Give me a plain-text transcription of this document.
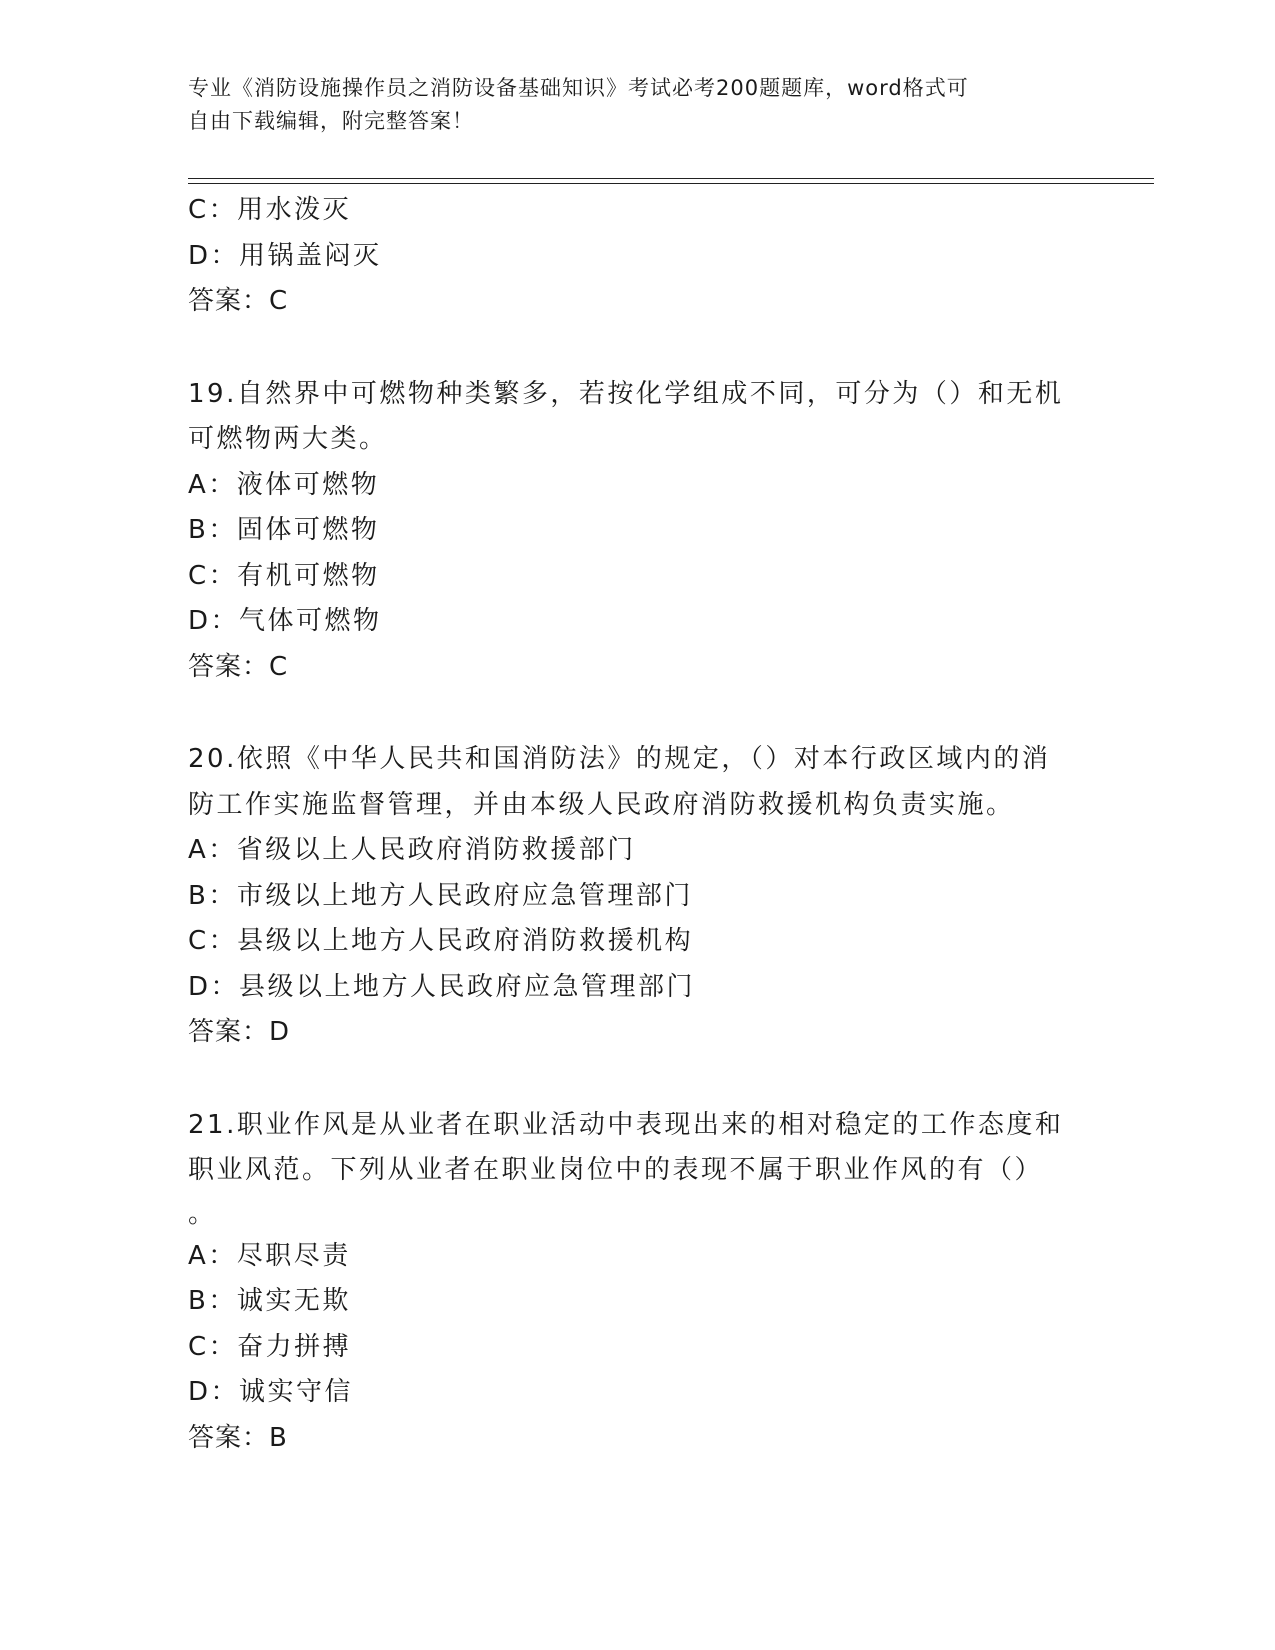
专业《消防设施操作员之消防设备基础知识》考试必考200题题库，word格式可
自由下载编辑，附完整答案！

C：用水泼灭

D：用锅盖闷灭

答案：C

19.自然界中可燃物种类繁多，若按化学组成不同，可分为（）和无机

可燃物两大类。

A：液体可燃物

B：固体可燃物

C：有机可燃物

D：气体可燃物

答案：C

20.依照《中华人民共和国消防法》的规定，（）对本行政区域内的消

防工作实施监督管理，并由本级人民政府消防救援机构负责实施。

A：省级以上人民政府消防救援部门

B：市级以上地方人民政府应急管理部门

C：县级以上地方人民政府消防救援机构

D：县级以上地方人民政府应急管理部门

答案：D

21.职业作风是从业者在职业活动中表现出来的相对稳定的工作态度和

职业风范。下列从业者在职业岗位中的表现不属于职业作风的有（）

。

A：尽职尽责

B：诚实无欺

C：奋力拼搏

D：诚实守信

答案：B
